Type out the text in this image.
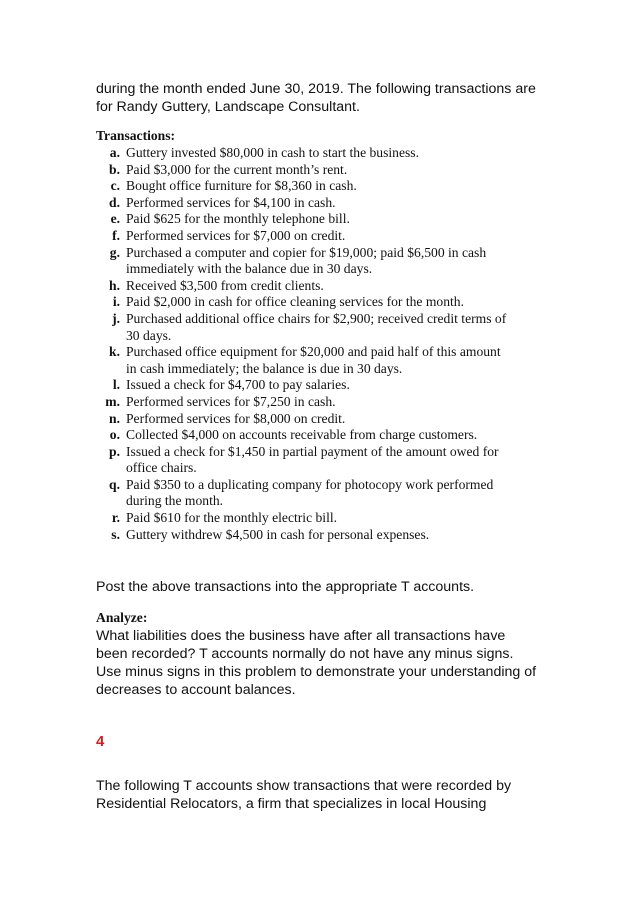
during the month ended June 30, 2019. The following transactions are
for Randy Guttery, Landscape Consultant.
Transactions:
a. Guttery invested $80,000 in cash to start the business.
b. Paid $3,000 for the current month’s rent.
c. Bought office furniture for $8,360 in cash.
d. Performed services for $4,100 in cash.
e. Paid $625 for the monthly telephone bill.
f. Performed services for $7,000 on credit.
g. Purchased a computer and copier for $19,000; paid $6,500 in cash
immediately with the balance due in 30 days.
h. Received $3,500 from credit clients.
i. Paid $2,000 in cash for office cleaning services for the month.
j. Purchased additional office chairs for $2,900; received credit terms of
30 days.
k. Purchased office equipment for $20,000 and paid half of this amount
in cash immediately; the balance is due in 30 days.
l. Issued a check for $4,700 to pay salaries.
m. Performed services for $7,250 in cash.
n. Performed services for $8,000 on credit.
o. Collected $4,000 on accounts receivable from charge customers.
p. Issued a check for $1,450 in partial payment of the amount owed for
office chairs.
q. Paid $350 to a duplicating company for photocopy work performed
during the month.
r. Paid $610 for the monthly electric bill.
s. Guttery withdrew $4,500 in cash for personal expenses.
Post the above transactions into the appropriate T accounts.
Analyze:
What liabilities does the business have after all transactions have
been recorded? T accounts normally do not have any minus signs.
Use minus signs in this problem to demonstrate your understanding of
decreases to account balances.
4
The following T accounts show transactions that were recorded by
Residential Relocators, a firm that specializes in local Housing
